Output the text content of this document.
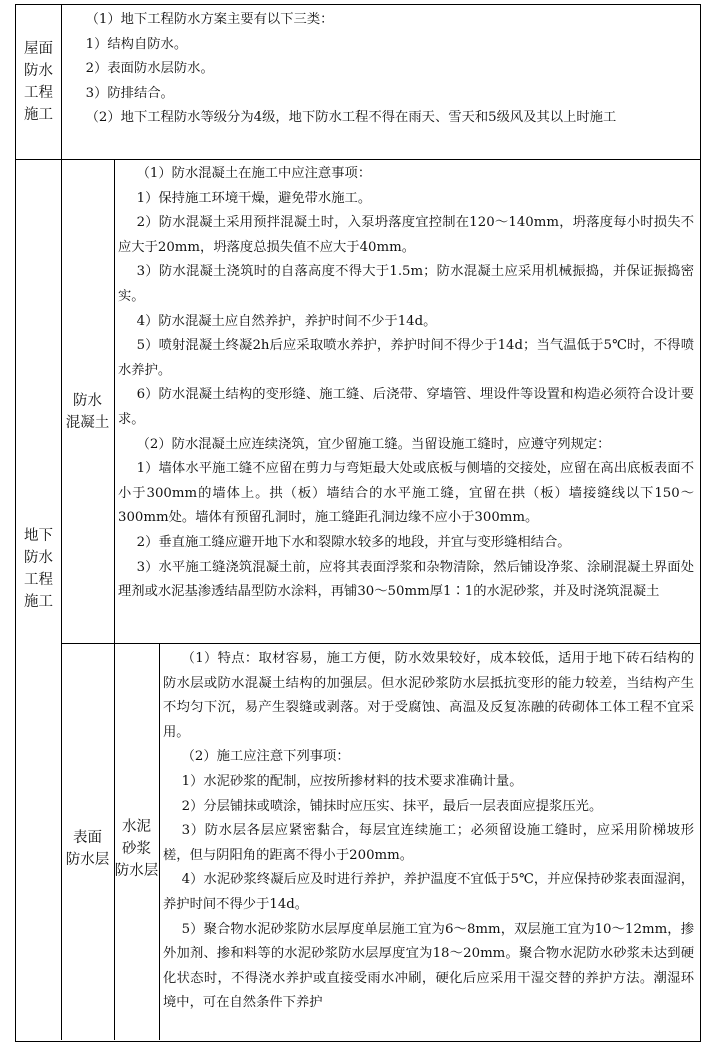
屋面
防水
工程
施工

（1）地下工程防水方案主要有以下三类：

1）结构自防水。

2）表面防水层防水。

3）防排结合。

（2）地下工程防水等级分为4级，地下防水工程不得在雨天、雪天和5级风及其以上时施工

地下
防水
工程
施工
防水
混凝土

（1）防水混凝土在施工中应注意事项：

1）保持施工环境干燥，避免带水施工。

2）防水混凝土采用预拌混凝土时，入泵坍落度宜控制在120～140mm，坍落度每小时损失不应大于20mm，坍落度总损失值不应大于40mm。

3）防水混凝土浇筑时的自落高度不得大于1.5m；防水混凝土应采用机械振捣，并保证振捣密实。

4）防水混凝土应自然养护，养护时间不少于14d。

5）喷射混凝土终凝2h后应采取喷水养护，养护时间不得少于14d；当气温低于5℃时，不得喷水养护。

6）防水混凝土结构的变形缝、施工缝、后浇带、穿墙管、埋设件等设置和构造必须符合设计要求。

（2）防水混凝土应连续浇筑，宜少留施工缝。当留设施工缝时，应遵守列规定：

1）墙体水平施工缝不应留在剪力与弯矩最大处或底板与侧墙的交接处，应留在高出底板表面不小于300mm的墙体上。拱（板）墙结合的水平施工缝，宜留在拱（板）墙接缝线以下150～300mm处。墙体有预留孔洞时，施工缝距孔洞边缘不应小于300mm。

2）垂直施工缝应避开地下水和裂隙水较多的地段，并宜与变形缝相结合。

3）水平施工缝浇筑混凝土前，应将其表面浮浆和杂物清除，然后铺设净浆、涂刷混凝土界面处理剂或水泥基渗透结晶型防水涂料，再铺30～50mm厚1∶1的水泥砂浆，并及时浇筑混凝土

表面
防水层
水泥
砂浆
防水层

（1）特点：取材容易，施工方便，防水效果较好，成本较低，适用于地下砖石结构的防水层或防水混凝土结构的加强层。但水泥砂浆防水层抵抗变形的能力较差，当结构产生不均匀下沉，易产生裂缝或剥落。对于受腐蚀、高温及反复冻融的砖砌体工体工程不宜采用。

（2）施工应注意下列事项：

1）水泥砂浆的配制，应按所掺材料的技术要求准确计量。

2）分层铺抹或喷涂，铺抹时应压实、抹平，最后一层表面应提浆压光。

3）防水层各层应紧密黏合，每层宜连续施工；必须留设施工缝时，应采用阶梯坡形槎，但与阴阳角的距离不得小于200mm。

4）水泥砂浆终凝后应及时进行养护，养护温度不宜低于5℃，并应保持砂浆表面湿润，养护时间不得少于14d。

5）聚合物水泥砂浆防水层厚度单层施工宜为6～8mm，双层施工宜为10～12mm，掺外加剂、掺和料等的水泥砂浆防水层厚度宜为18～20mm。聚合物水泥防水砂浆未达到硬化状态时，不得浇水养护或直接受雨水冲刷，硬化后应采用干湿交替的养护方法。潮湿环境中，可在自然条件下养护
